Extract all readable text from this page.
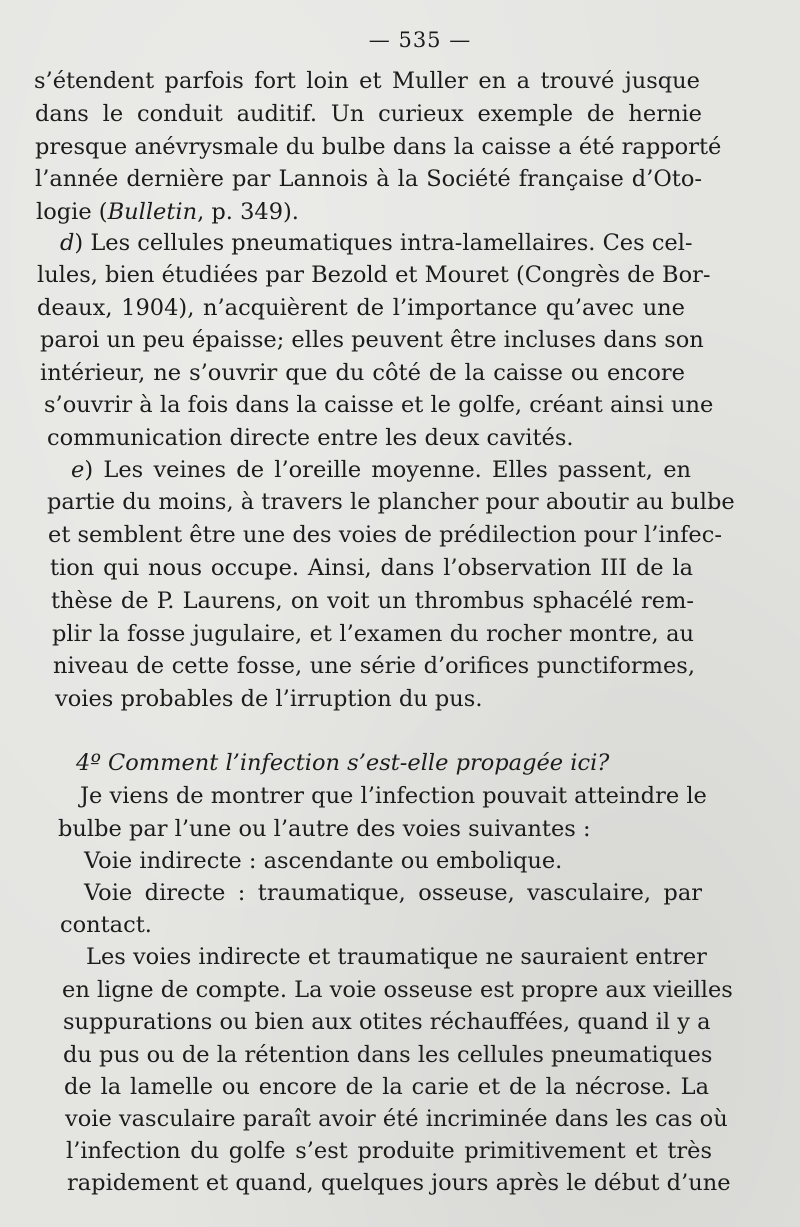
— 535 —
s’étendent parfois fort loin et Muller en a trouvé jusque
dans le conduit auditif. Un curieux exemple de hernie
presque anévrysmale du bulbe dans la caisse a été rapporté
l’année dernière par Lannois à la Société française d’Oto-
logie (Bulletin, p. 349).
d) Les cellules pneumatiques intra-lamellaires. Ces cel-
lules, bien étudiées par Bezold et Mouret (Congrès de Bor-
deaux, 1904), n’acquièrent de l’importance qu’avec une
paroi un peu épaisse; elles peuvent être incluses dans son
intérieur, ne s’ouvrir que du côté de la caisse ou encore
s’ouvrir à la fois dans la caisse et le golfe, créant ainsi une
communication directe entre les deux cavités.
e) Les veines de l’oreille moyenne. Elles passent, en
partie du moins, à travers le plancher pour aboutir au bulbe
et semblent être une des voies de prédilection pour l’infec-
tion qui nous occupe. Ainsi, dans l’observation III de la
thèse de P. Laurens, on voit un thrombus sphacélé rem-
plir la fosse jugulaire, et l’examen du rocher montre, au
niveau de cette fosse, une série d’orifices punctiformes,
voies probables de l’irruption du pus.
4º Comment l’infection s’est-elle propagée ici?
Je viens de montrer que l’infection pouvait atteindre le
bulbe par l’une ou l’autre des voies suivantes :
Voie indirecte : ascendante ou embolique.
Voie directe : traumatique, osseuse, vasculaire, par
contact.
Les voies indirecte et traumatique ne sauraient entrer
en ligne de compte. La voie osseuse est propre aux vieilles
suppurations ou bien aux otites réchauffées, quand il y a
du pus ou de la rétention dans les cellules pneumatiques
de la lamelle ou encore de la carie et de la nécrose. La
voie vasculaire paraît avoir été incriminée dans les cas où
l’infection du golfe s’est produite primitivement et très
rapidement et quand, quelques jours après le début d’une
